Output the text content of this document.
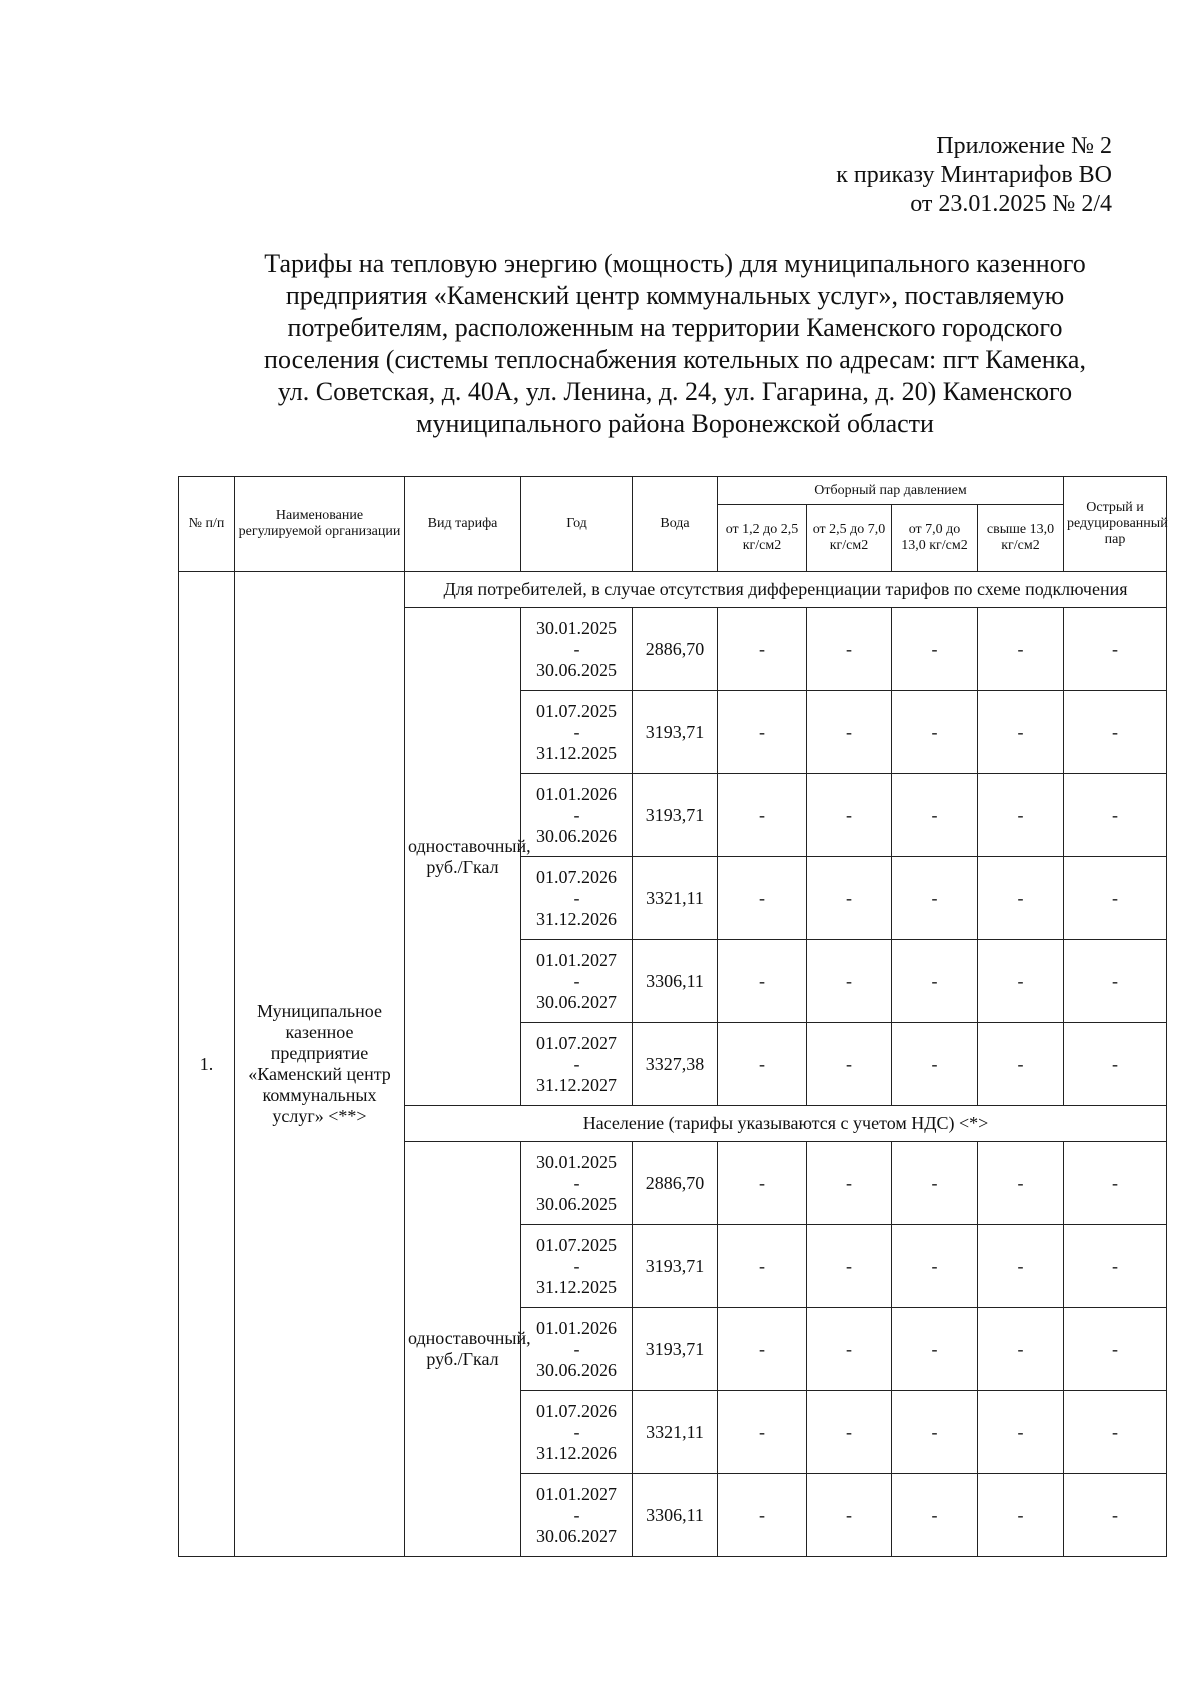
Приложение № 2
к приказу Минтарифов ВО
от 23.01.2025 № 2/4
Тарифы на тепловую энергию (мощность) для муниципального казенного
предприятия «Каменский центр коммунальных услуг», поставляемую
потребителям, расположенным на территории Каменского городского
поселения (системы теплоснабжения котельных по адресам: пгт Каменка,
ул. Советская, д. 40А, ул. Ленина, д. 24, ул. Гагарина, д. 20) Каменского
муниципального района Воронежской области
№ п/п	Наименование регулируемой организации	Вид тарифа	Год	Вода	Отборный пар давлением				Острый и редуцированный пар
					от 1,2 до 2,5 кг/см2	от 2,5 до 7,0 кг/см2	от 7,0 до 13,0 кг/см2	свыше 13,0 кг/см2	
1.	Муниципальное казенное предприятие «Каменский центр коммунальных услуг» <**>	Для потребителей, в случае отсутствия дифференциации тарифов по схеме подключения							
		одноставочный, руб./Гкал	30.01.2025
-
30.06.2025	2886,70	-	-	-	-	-

			01.07.2025
-
31.12.2025	3193,71	-	-	-	-	-

			01.01.2026
-
30.06.2026	3193,71	-	-	-	-	-

			01.07.2026
-
31.12.2026	3321,11	-	-	-	-	-

			01.01.2027
-
30.06.2027	3306,11	-	-	-	-	-

			01.07.2027
-
31.12.2027	3327,38	-	-	-	-	-
		Население (тарифы указываются с учетом НДС) <*>							
		одноставочный, руб./Гкал	30.01.2025
-
30.06.2025	2886,70	-	-	-	-	-

			01.07.2025
-
31.12.2025	3193,71	-	-	-	-	-

			01.01.2026
-
30.06.2026	3193,71	-	-	-	-	-

			01.07.2026
-
31.12.2026	3321,11	-	-	-	-	-

			01.01.2027
-
30.06.2027	3306,11	-	-	-	-	-
